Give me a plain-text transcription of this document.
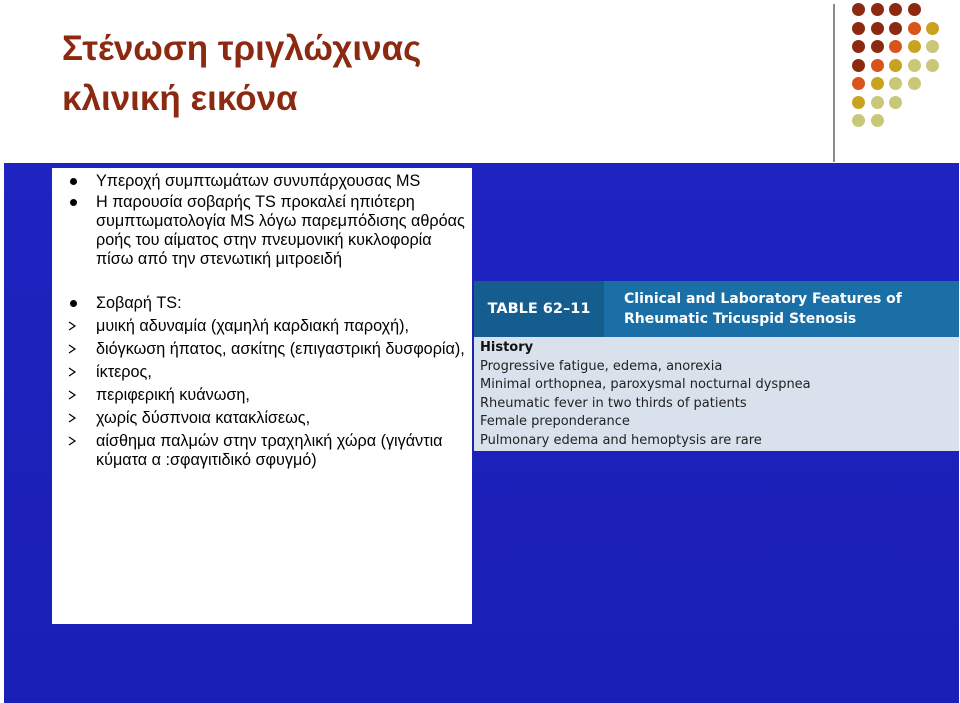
Στένωση τριγλώχινας
κλινική εικόνα
Υπεροχή συμπτωμάτων συνυπάρχουσας MS
Η παρουσία σοβαρής TS προκαλεί ηπιότερη συμπτωματολογία MS λόγω παρεμπόδισης αθρόας ροής του αίματος στην πνευμονική κυκλοφορία πίσω από την στενωτική μιτροειδή
Σοβαρή TS:
μυική αδυναμία (χαμηλή καρδιακή παροχή),
διόγκωση ήπατος, ασκίτης (επιγαστρική δυσφορία),
ίκτερος,
περιφερική κυάνωση,
χωρίς δύσπνοια κατακλίσεως,
αίσθημα παλμών στην τραχηλική χώρα (γιγάντια κύματα α :σφαγιτιδικό σφυγμό)
TABLE 62–11
Clinical and Laboratory Features of
Rheumatic Tricuspid Stenosis
History
Progressive fatigue, edema, anorexia
Minimal orthopnea, paroxysmal nocturnal dyspnea
Rheumatic fever in two thirds of patients
Female preponderance
Pulmonary edema and hemoptysis are rare
